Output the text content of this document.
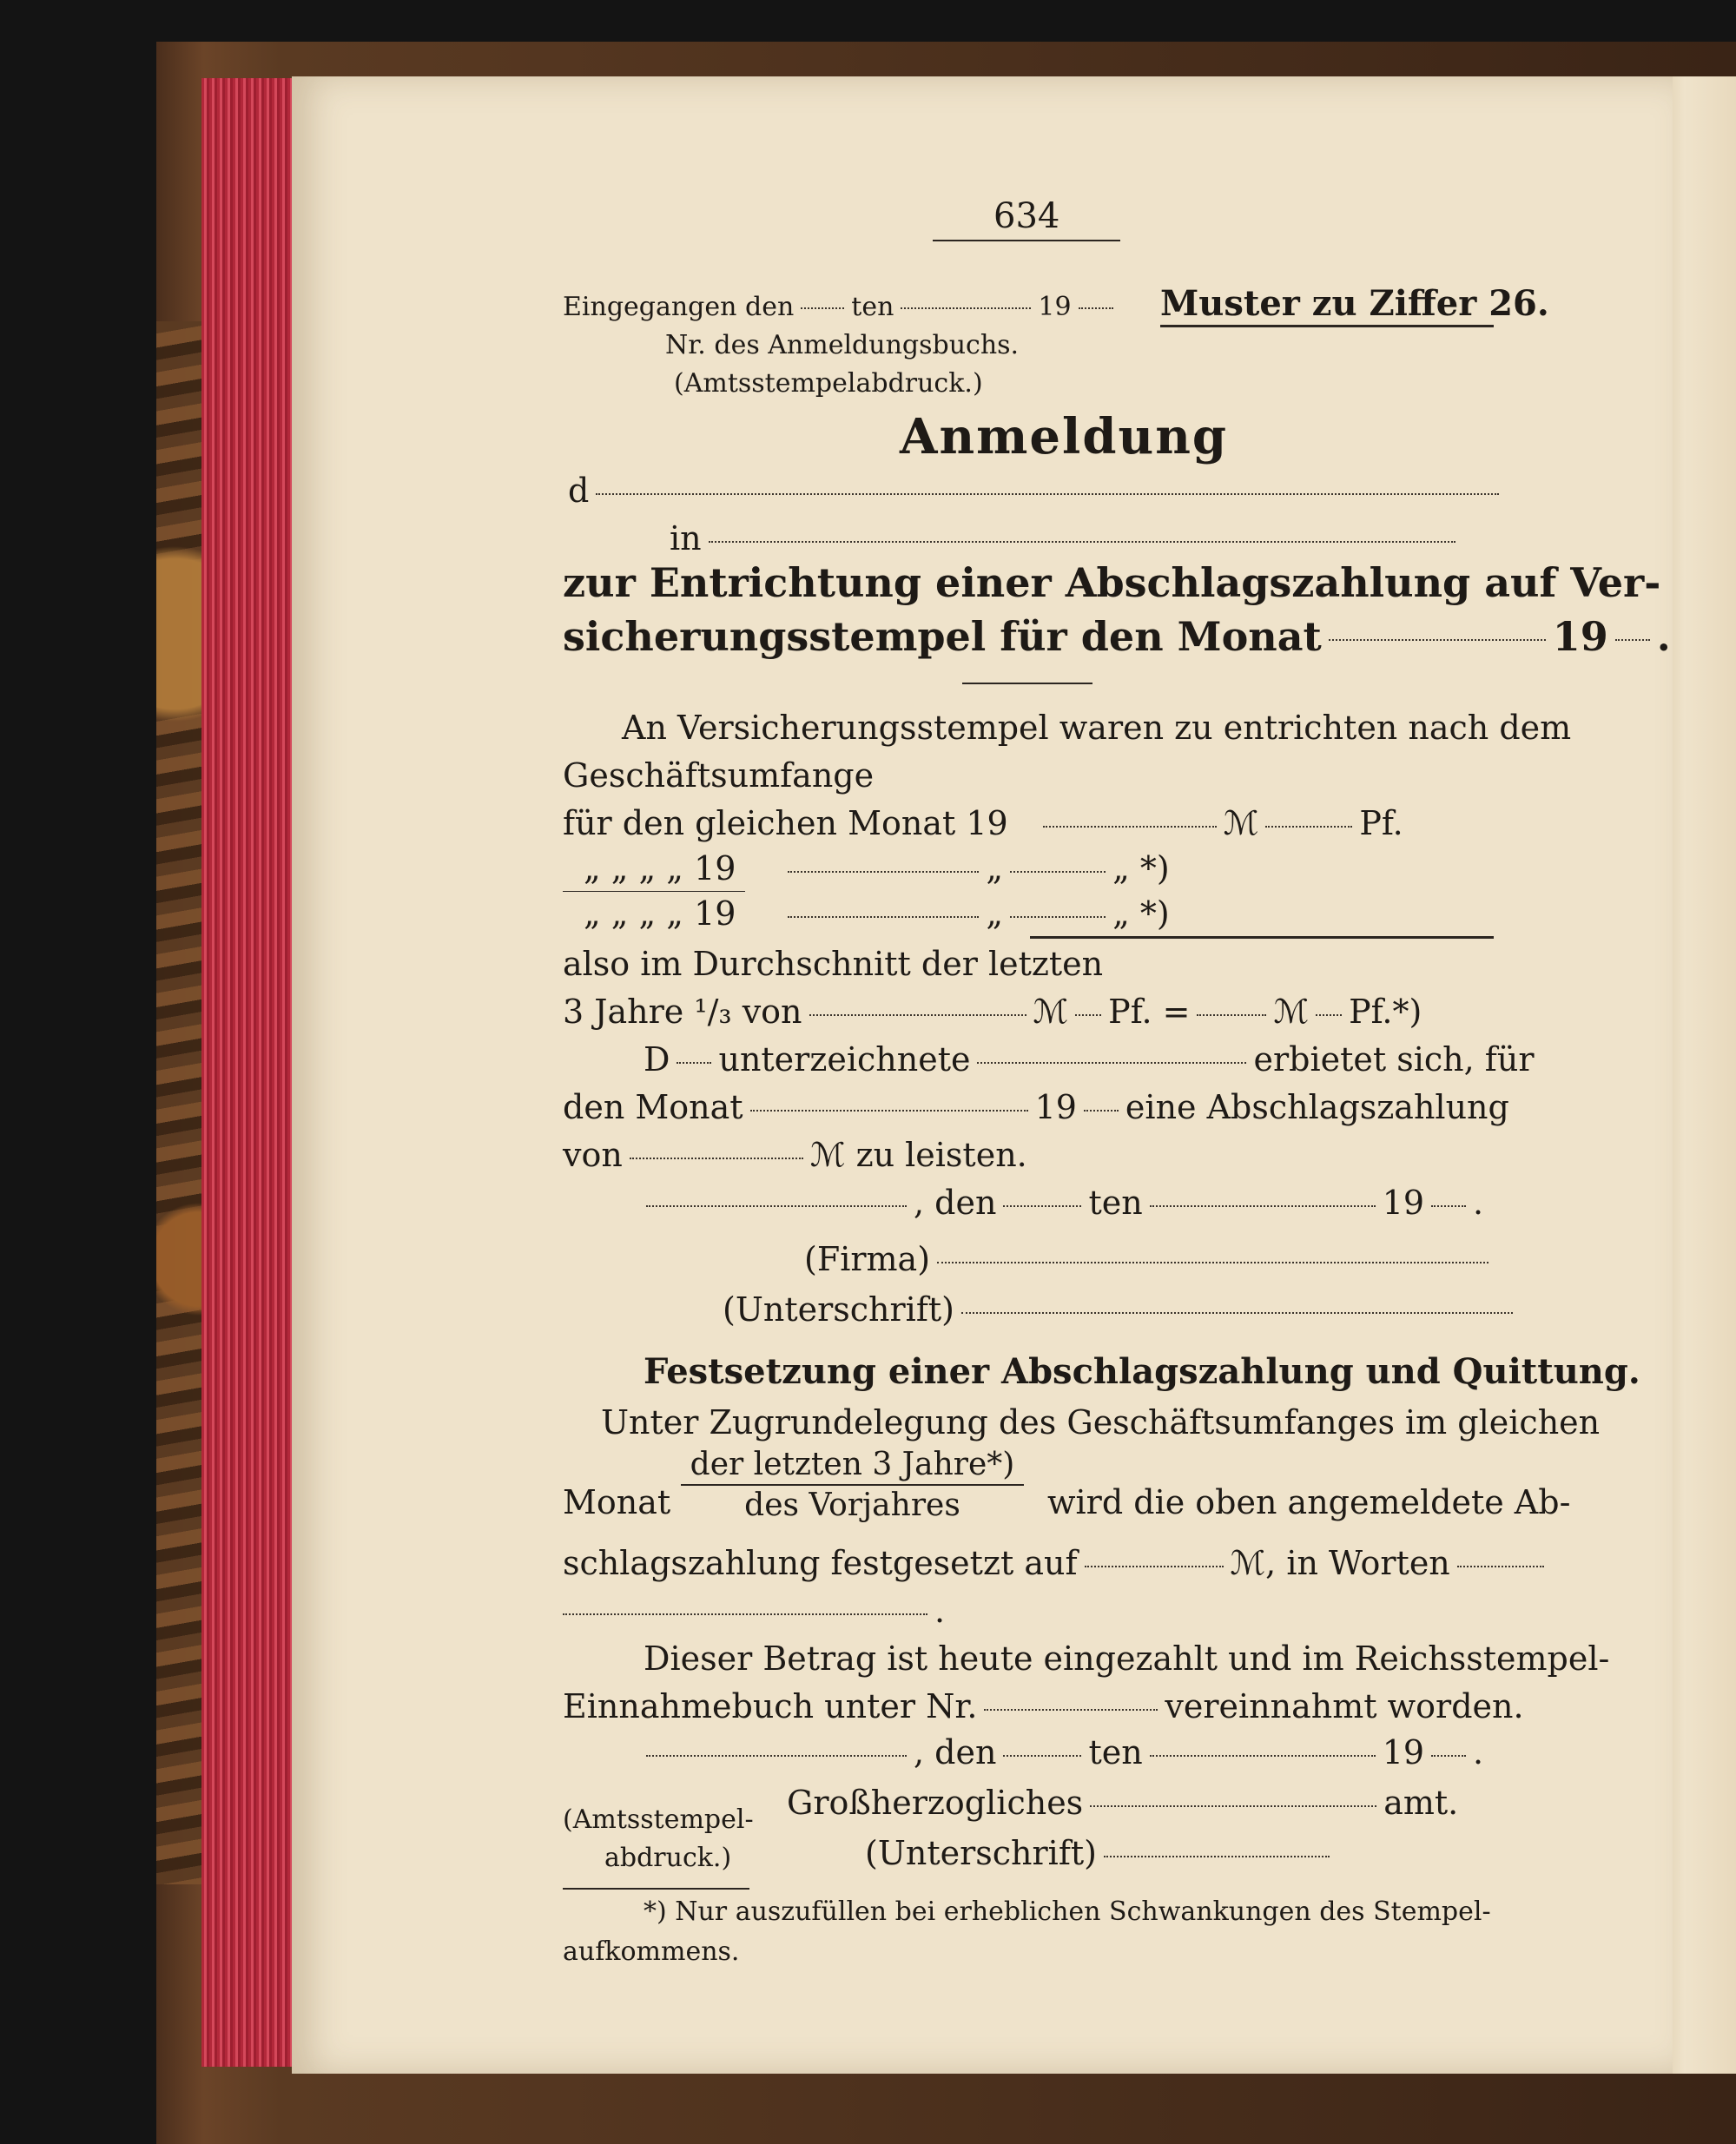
634
Eingegangen den ten	19	Muster zu Ziffer 26.
Nr. des Anmeldungsbuchs.
(Amtsstempelabdruck.)
Anmeldung
d
in
zur Entrichtung einer Abschlagszahlung auf Ver-
sicherungsstempel für den Monat	19 .
An Versicherungsstempel waren zu entrichten nach dem
Geschäftsumfange
für den gleichen Monat 19	ℳ	Pf.
„ „ „ „ 19	„	„ *)
„ „ „ „ 19	„	„ *)
also im Durchschnitt der letzten
3 Jahre ¹/₃ von	ℳ Pf. =	ℳ Pf.*)
D unterzeichnete	erbietet sich, für
den Monat	19 eine Abschlagszahlung
von	ℳ zu leisten.
, den	ten	19 .
(Firma)
(Unterschrift)
Festsetzung einer Abschlagszahlung und Quittung.
Unter Zugrundelegung des Geschäftsumfanges im gleichen
Monat
der letzten 3 Jahre*)
des Vorjahres	wird die oben angemeldete Ab-
schlagszahlung festgesetzt auf	ℳ, in Worten
.
Dieser Betrag ist heute eingezahlt und im Reichsstempel-
Einnahmebuch unter Nr.	vereinnahmt worden.
, den	ten	19 .
(Amtsstempel-
abdruck.)
Großherzogliches	amt.
(Unterschrift)
*) Nur auszufüllen bei erheblichen Schwankungen des Stempel-
aufkommens.
